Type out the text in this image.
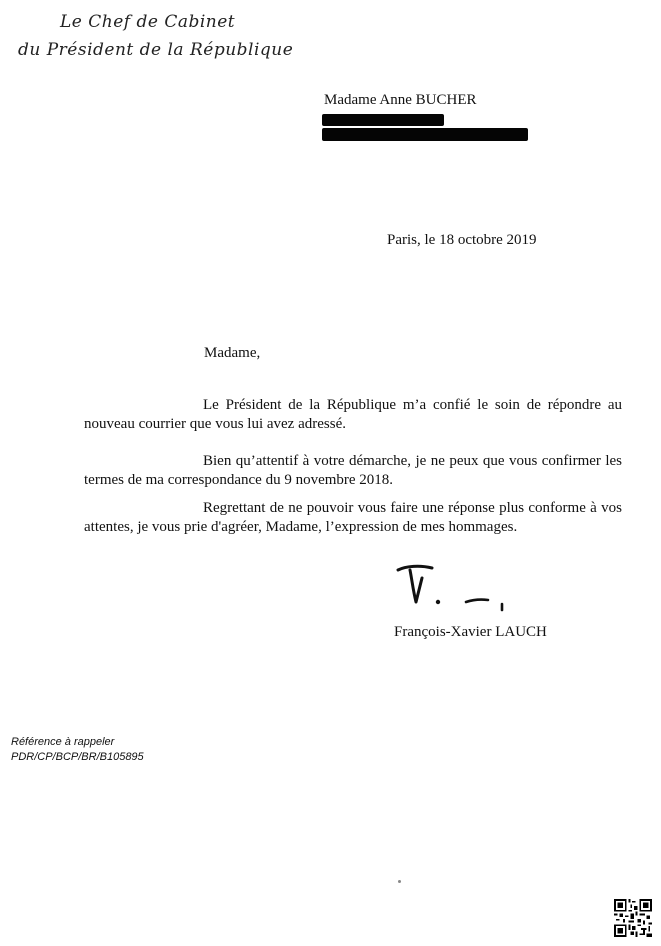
Le Chef de Cabinet
du Président de la République
Madame Anne BUCHER
Paris, le 18 octobre 2019
Madame,

Le Président de la République m’a confié le soin de répondre au nouveau courrier que vous lui avez adressé.

Bien qu’attentif à votre démarche, je ne peux que vous confirmer les termes de ma correspondance du 9 novembre 2018.

Regrettant de ne pouvoir vous faire une réponse plus conforme à vos attentes, je vous prie d'agréer, Madame, l’expression de mes hommages.

François-Xavier LAUCH
Référence à rappeler
PDR/CP/BCP/BR/B105895
